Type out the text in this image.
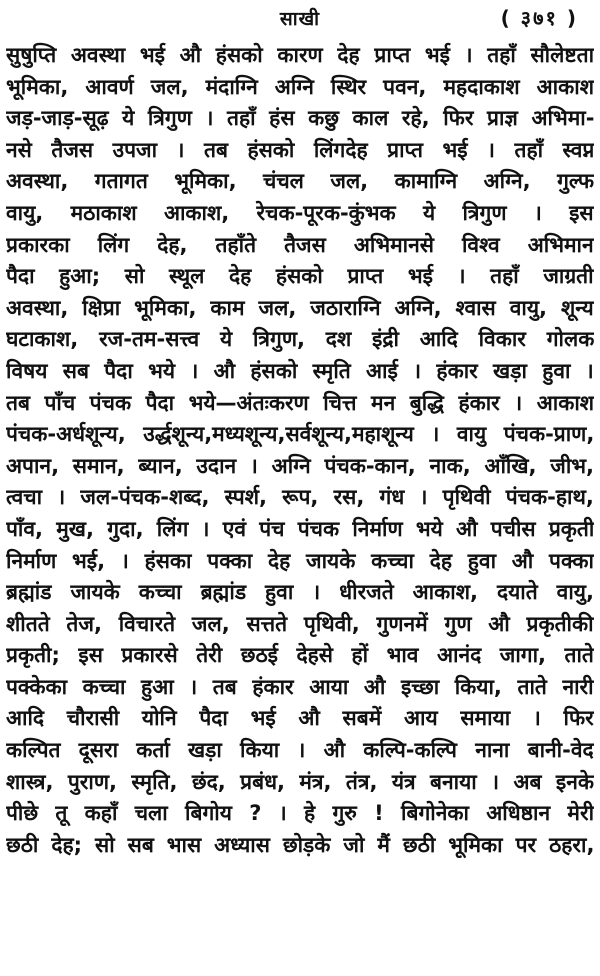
साखी	( ३७१ )
सुषुप्ति अवस्था भई औ हंसको कारण देह प्राप्त भई । तहाँ सौलेष्टता
भूमिका, आवर्ण जल, मंदाग्नि अग्नि स्थिर पवन, महदाकाश आकाश
जड़-जाड़-सूढ़ ये त्रिगुण । तहाँ हंस कछु काल रहे, फिर प्राज्ञ अभिमा-
नसे तैजस उपजा । तब हंसको लिंगदेह प्राप्त भई । तहाँ स्वप्न
अवस्था, गतागत भूमिका, चंचल जल, कामाग्नि अग्नि, गुल्फ
वायु, मठाकाश आकाश, रेचक-पूरक-कुंभक ये त्रिगुण । इस
प्रकारका लिंग देह, तहाँते तैजस अभिमानसे विश्व अभिमान
पैदा हुआ; सो स्थूल देह हंसको प्राप्त भई । तहाँ जाग्रती
अवस्था, क्षिप्रा भूमिका, काम जल, जठाराग्नि अग्नि, श्वास वायु, शून्य
घटाकाश, रज-तम-सत्त्व ये त्रिगुण, दश इंद्री आदि विकार गोलक
विषय सब पैदा भये । औ हंसको स्मृति आई । हंकार खड़ा हुवा ।
तब पाँच पंचक पैदा भये—अंतःकरण चित्त मन बुद्धि हंकार । आकाश
पंचक-अर्धशून्य, उर्द्धशून्य,मध्यशून्य,सर्वशून्य,महाशून्य । वायु पंचक-प्राण,
अपान, समान, ब्यान, उदान । अग्नि पंचक-कान, नाक, आँखि, जीभ,
त्वचा । जल-पंचक-शब्द, स्पर्श, रूप, रस, गंध । पृथिवी पंचक-हाथ,
पाँव, मुख, गुदा, लिंग । एवं पंच पंचक निर्माण भये औ पचीस प्रकृती
निर्माण भई, । हंसका पक्का देह जायके कच्चा देह हुवा औ पक्का
ब्रह्मांड जायके कच्चा ब्रह्मांड हुवा । धीरजते आकाश, दयाते वायु,
शीतते तेज, विचारते जल, सत्तते पृथिवी, गुणनमें गुण औ प्रकृतीकी
प्रकृती; इस प्रकारसे तेरी छठई देहसे हों भाव आनंद जागा, ताते
पक्केका कच्चा हुआ । तब हंकार आया औ इच्छा किया, ताते नारी
आदि चौरासी योनि पैदा भई औ सबमें आय समाया । फिर
कल्पित दूसरा कर्ता खड़ा किया । औ कल्पि-कल्पि नाना बानी-वेद
शास्त्र, पुराण, स्मृति, छंद, प्रबंध, मंत्र, तंत्र, यंत्र बनाया । अब इनके
पीछे तू कहाँ चला बिगोय ? । हे गुरु ! बिगोनेका अधिष्ठान मेरी
छठी देह; सो सब भास अध्यास छोड़के जो मैं छठी भूमिका पर ठहरा,
